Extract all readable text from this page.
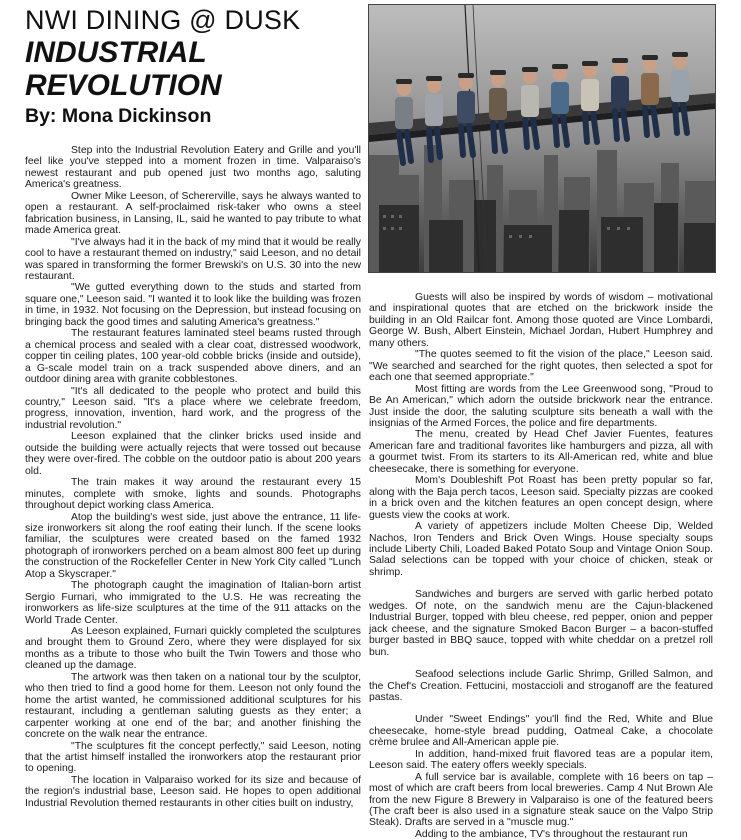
NWI DINING @ DUSK
INDUSTRIAL
REVOLUTION
By: Mona Dickinson

Step into the Industrial Revolution Eatery and Grille and you'll feel like you've stepped into a moment frozen in time. Valparaiso's newest restaurant and pub opened just two months ago, saluting America's greatness.

Owner Mike Leeson, of Schererville, says he always wanted to open a restaurant. A self-proclaimed risk-taker who owns a steel fabrication business, in Lansing, IL, said he wanted to pay tribute to what made America great.

"I've always had it in the back of my mind that it would be really cool to have a restaurant themed on industry," said Leeson, and no detail was spared in transforming the former Brewski's on U.S. 30 into the new restaurant.

"We gutted everything down to the studs and started from square one," Leeson said. "I wanted it to look like the building was frozen in time, in 1932. Not focusing on the Depression, but instead focusing on bringing back the good times and saluting America's greatness."

The restaurant features laminated steel beams rusted through a chemical process and sealed with a clear coat, distressed woodwork, copper tin ceiling plates, 100 year-old cobble bricks (inside and outside), a G-scale model train on a track suspended above diners, and an outdoor dining area with granite cobblestones.

"It's all dedicated to the people who protect and build this country," Leeson said. "It's a place where we celebrate freedom, progress, innovation, invention, hard work, and the progress of the industrial revolution."

Leeson explained that the clinker bricks used inside and outside the building were actually rejects that were tossed out because they were over-fired. The cobble on the outdoor patio is about 200 years old.

The train makes it way around the restaurant every 15 minutes, complete with smoke, lights and sounds. Photographs throughout depict working class America.

Atop the building's west side, just above the entrance, 11 life-size ironworkers sit along the roof eating their lunch. If the scene looks familiar, the sculptures were created based on the famed 1932 photograph of ironworkers perched on a beam almost 800 feet up during the construction of the Rockefeller Center in New York City called "Lunch Atop a Skyscraper."

The photograph caught the imagination of Italian-born artist Sergio Furnari, who immigrated to the U.S. He was recreating the ironworkers as life-size sculptures at the time of the 911 attacks on the World Trade Center.

As Leeson explained, Furnari quickly completed the sculptures and brought them to Ground Zero, where they were displayed for six months as a tribute to those who built the Twin Towers and those who cleaned up the damage.

The artwork was then taken on a national tour by the sculptor, who then tried to find a good home for them. Leeson not only found the home the artist wanted, he commissioned additional sculptures for his restaurant, including a gentleman saluting guests as they enter; a carpenter working at one end of the bar; and another finishing the concrete on the walk near the entrance.

"The sculptures fit the concept perfectly," said Leeson, noting that the artist himself installed the ironworkers atop the restaurant prior to opening.

The location in Valparaiso worked for its size and because of the region's industrial base, Leeson said. He hopes to open additional Industrial Revolution themed restaurants in other cities built on industry,

Guests will also be inspired by words of wisdom – motivational and inspirational quotes that are etched on the brickwork inside the building in an Old Railcar font. Among those quoted are Vince Lombardi, George W. Bush, Albert Einstein, Michael Jordan, Hubert Humphrey and many others.

"The quotes seemed to fit the vision of the place," Leeson said. "We searched and searched for the right quotes, then selected a spot for each one that seemed appropriate."

Most fitting are words from the Lee Greenwood song, "Proud to Be An American," which adorn the outside brickwork near the entrance. Just inside the door, the saluting sculpture sits beneath a wall with the insignias of the Armed Forces, the police and fire departments.

The menu, created by Head Chef Javier Fuentes, features American fare and traditional favorites like hamburgers and pizza, all with a gourmet twist. From its starters to its All-American red, white and blue cheesecake, there is something for everyone.

Mom's Doubleshift Pot Roast has been pretty popular so far, along with the Baja perch tacos, Leeson said. Specialty pizzas are cooked in a brick oven and the kitchen features an open concept design, where guests view the cooks at work.

A variety of appetizers include Molten Cheese Dip, Welded Nachos, Iron Tenders and Brick Oven Wings. House specialty soups include Liberty Chili, Loaded Baked Potato Soup and Vintage Onion Soup. Salad selections can be topped with your choice of chicken, steak or shrimp.

Sandwiches and burgers are served with garlic herbed potato wedges. Of note, on the sandwich menu are the Cajun-blackened Industrial Burger, topped with bleu cheese, red pepper, onion and pepper jack cheese, and the signature Smoked Bacon Burger – a bacon-stuffed burger basted in BBQ sauce, topped with white cheddar on a pretzel roll bun.

Seafood selections include Garlic Shrimp, Grilled Salmon, and the Chef's Creation. Fettucini, mostaccioli and stroganoff are the featured pastas.

Under "Sweet Endings" you'll find the Red, White and Blue cheesecake, home-style bread pudding, Oatmeal Cake, a chocolate crème brulee and All-American apple pie.

In addition, hand-mixed fruit flavored teas are a popular item, Leeson said. The eatery offers weekly specials.

A full service bar is available, complete with 16 beers on tap – most of which are craft beers from local breweries. Camp 4 Nut Brown Ale from the new Figure 8 Brewery in Valparaiso is one of the featured beers (The craft beer is also used in a signature steak sauce on the Valpo Strip Steak). Drafts are served in a "muscle mug."

Adding to the ambiance, TV's throughout the restaurant run
